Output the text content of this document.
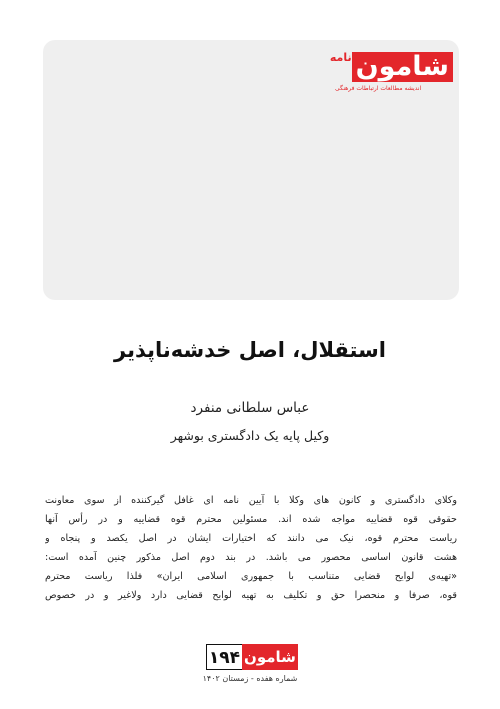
شامون
نامه
اندیشه مطالعات ارتباطات فرهنگی
استقلال، اصل خدشه‌ناپذیر
عباس سلطانی منفرد
وکیل پایه یک دادگستری بوشهر
وکلای دادگستری و کانون های وکلا با آیین نامه ای غافل گیرکننده از سوی معاونت
حقوقی قوه قضاییه مواجه شده اند. مسئولین محترم قوه قضاییه و در رأس آنها
ریاست محترم قوه، نیک می دانند که اختیارات ایشان در اصل یکصد و پنجاه و
هشت قانون اساسی محصور می باشد. در بند دوم اصل مذکور چنین آمده است:
«تهیه‌ی لوایح قضایی متناسب با جمهوری اسلامی ایران» فلذا ریاست محترم
قوه، صرفا و منحصرا حق و تکلیف به تهیه لوایح قضایی دارد ولاغیر و در خصوص
۱۹۴ شامون
شماره هفده - زمستان ۱۴۰۲
